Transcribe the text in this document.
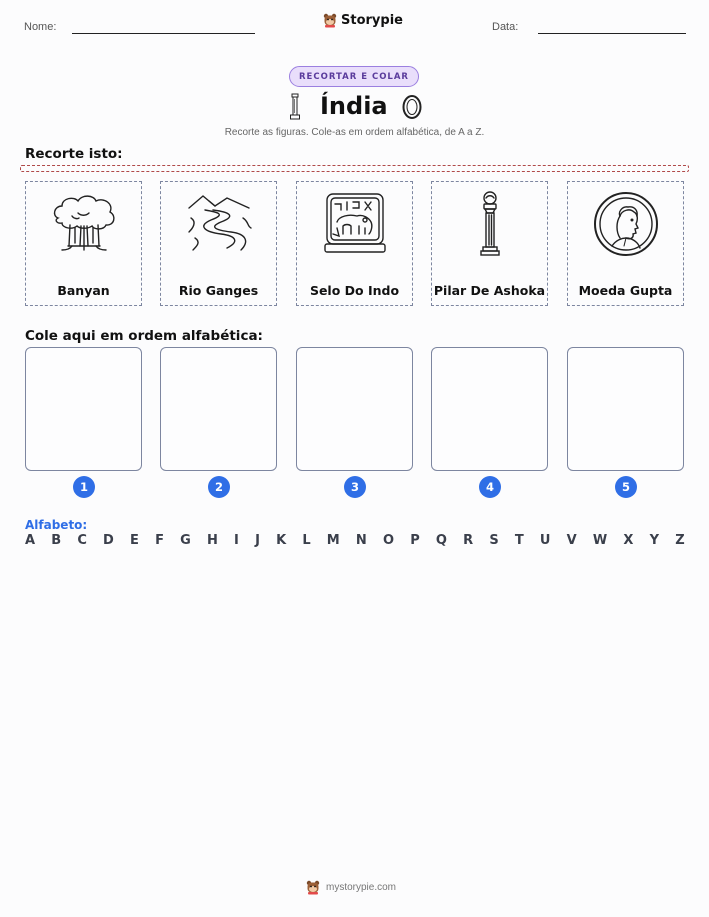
Nome:	Storypie	Data:
RECORTAR E COLAR
Índia
Recorte as figuras. Cole-as em ordem alfabética, de A a Z.
Recorte isto:
Banyan	Rio Ganges	Selo Do Indo	Pilar De Ashoka	Moeda Gupta
Cole aqui em ordem alfabética:
1	2	3	4	5
Alfabeto:
A B C D E F G H I J K L M N O P Q R S T U V W X Y Z
mystorypie.com
